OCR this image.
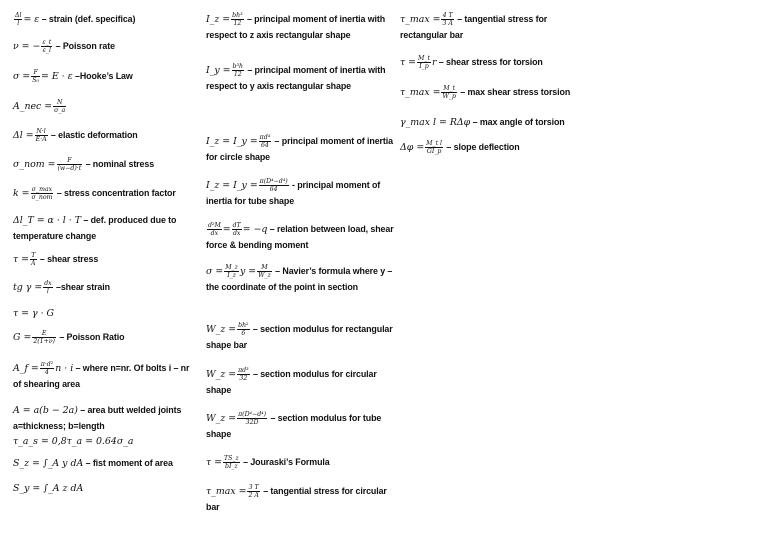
$\frac{\Delta l}{l} = \varepsilon$ – strain (def. specifica)
ν = − $\frac{\varepsilon\_t}{\varepsilon\_l}$ – Poisson rate
$\sigma = \frac{F}{\text{S₀}} = E \cdot \varepsilon$ –Hooke’s Law
A_nec = $\frac{N}{\sigma\_a}$
$\Delta l = \frac{N\cdot l}{E\cdot A}$ – elastic deformation
σ_nom = $\frac{F}{(w-d)\cdot t}$ – nominal stress
$k = \frac{\sigma\_\max}{\text{σ\_nom}}$ – stress concentration factor
Δl_T = α · l · T – def. produced due to temperature change
$\tau = \frac{T}{A}$ – shear stress
tg $\gamma = \frac{dx}{l}$ –shear strain
τ = γ · G
$G = \frac{E}{2(1+\nu)}$ – Poisson Ratio
A_f = $\frac{\text{π·d²}}{4}$ n · i – where n=nr. Of bolts i – nr of shearing area
A = a(b − 2a) – area butt welded joints a=thickness; b=length
τ_a_s = 0,8τ_a = 0.64σ_a
S_z = ∫_A y dA – fist moment of area
S_y = ∫_A z dA
I_z = $\frac{\text{bh³}}{12}$ – principal moment of inertia with respect to z axis rectangular shape
I_y = $\frac{\text{b³h}}{12}$ – principal moment of inertia with respect to y axis rectangular shape
I_z = I_y = $\frac{\text{πd⁴}}{64}$ – principal moment of inertia for circle shape
I_z = I_y = $\frac{\text{π(D⁴−d⁴)}}{64}$ - principal moment of inertia for tube shape
$\frac{\text{d²M}}{dx} = \frac{dT}{dx} = -q$ – relation between load, shear force & bending moment
$\sigma = \frac{M\_z}{I\_z}$ $y = \frac{M}{W\_z}$ – Navier’s formula where y – the coordinate of the point in section
W_z = $\frac{\text{bh²}}{6}$ – section modulus for rectangular shape bar
W_z = $\frac{\text{πd³}}{32}$ – section modulus for circular shape
W_z = $\frac{\text{π(D⁴−d⁴)}}{32D}$ – section modulus for tube shape
$\tau = \frac{TS\_z}{bI\_z}$ – Jouraski’s Formula
τ_max = $\frac{3 T}{2 A}$ – tangential stress for circular bar
τ_max = $\frac{4 T}{3 A}$ – tangential stress for rectangular bar
$\tau = \frac{M\_t}{I\_p}$ r – shear stress for torsion
τ_max = $\frac{M\_t}{W\_p}$ – max shear stress torsion
γ_max l = RΔφ – max angle of torsion
$\Delta\varphi = \frac{\text{M\_t l}}{GI\_p}$ – slope deflection
